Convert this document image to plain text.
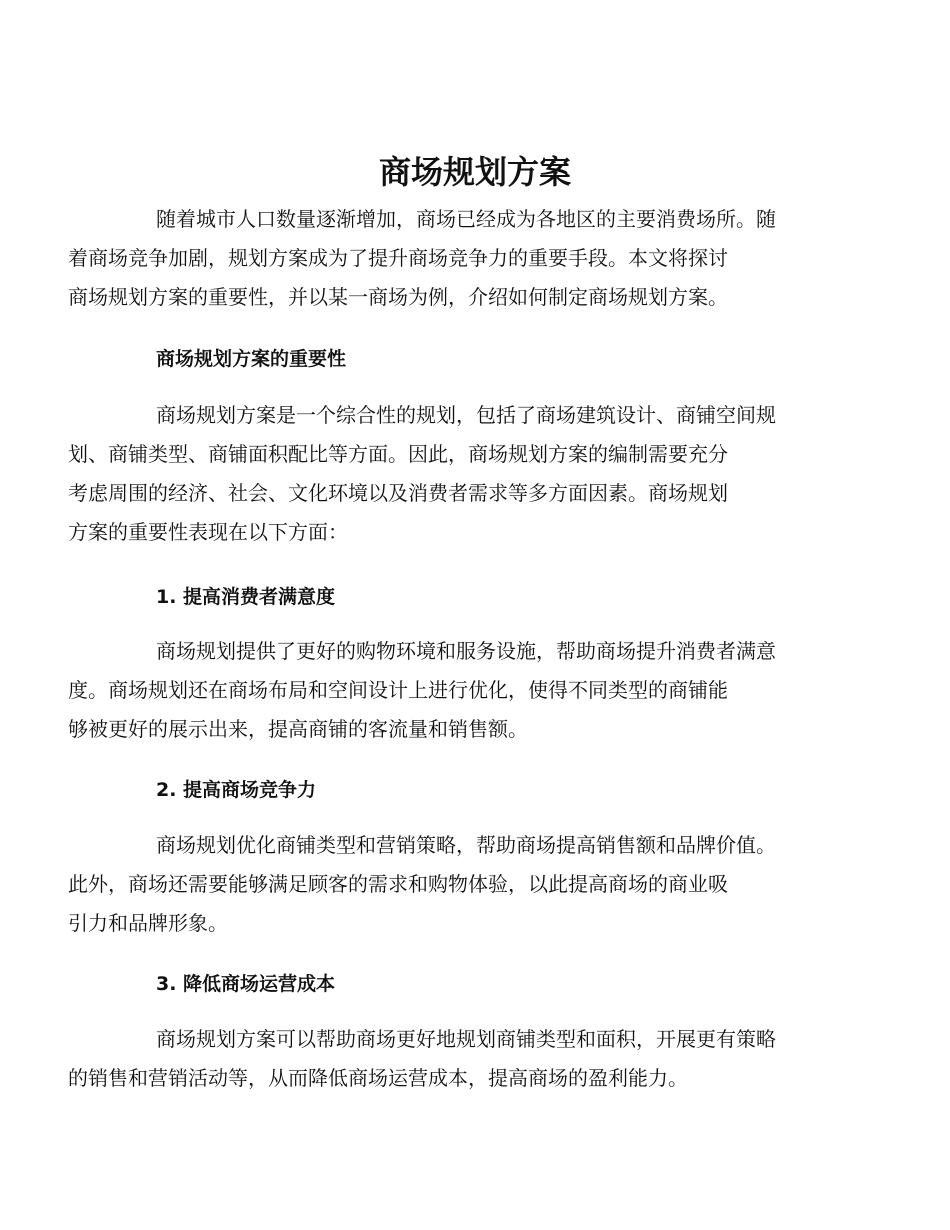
商场规划方案

随着城市人口数量逐渐增加，商场已经成为各地区的主要消费场所。随
着商场竞争加剧，规划方案成为了提升商场竞争力的重要手段。本文将探讨
商场规划方案的重要性，并以某一商场为例，介绍如何制定商场规划方案。

商场规划方案的重要性

商场规划方案是一个综合性的规划，包括了商场建筑设计、商铺空间规
划、商铺类型、商铺面积配比等方面。因此，商场规划方案的编制需要充分
考虑周围的经济、社会、文化环境以及消费者需求等多方面因素。商场规划
方案的重要性表现在以下方面：

1. 提高消费者满意度

商场规划提供了更好的购物环境和服务设施，帮助商场提升消费者满意
度。商场规划还在商场布局和空间设计上进行优化，使得不同类型的商铺能
够被更好的展示出来，提高商铺的客流量和销售额。

2. 提高商场竞争力

商场规划优化商铺类型和营销策略，帮助商场提高销售额和品牌价值。
此外，商场还需要能够满足顾客的需求和购物体验，以此提高商场的商业吸
引力和品牌形象。

3. 降低商场运营成本

商场规划方案可以帮助商场更好地规划商铺类型和面积，开展更有策略
的销售和营销活动等，从而降低商场运营成本，提高商场的盈利能力。
